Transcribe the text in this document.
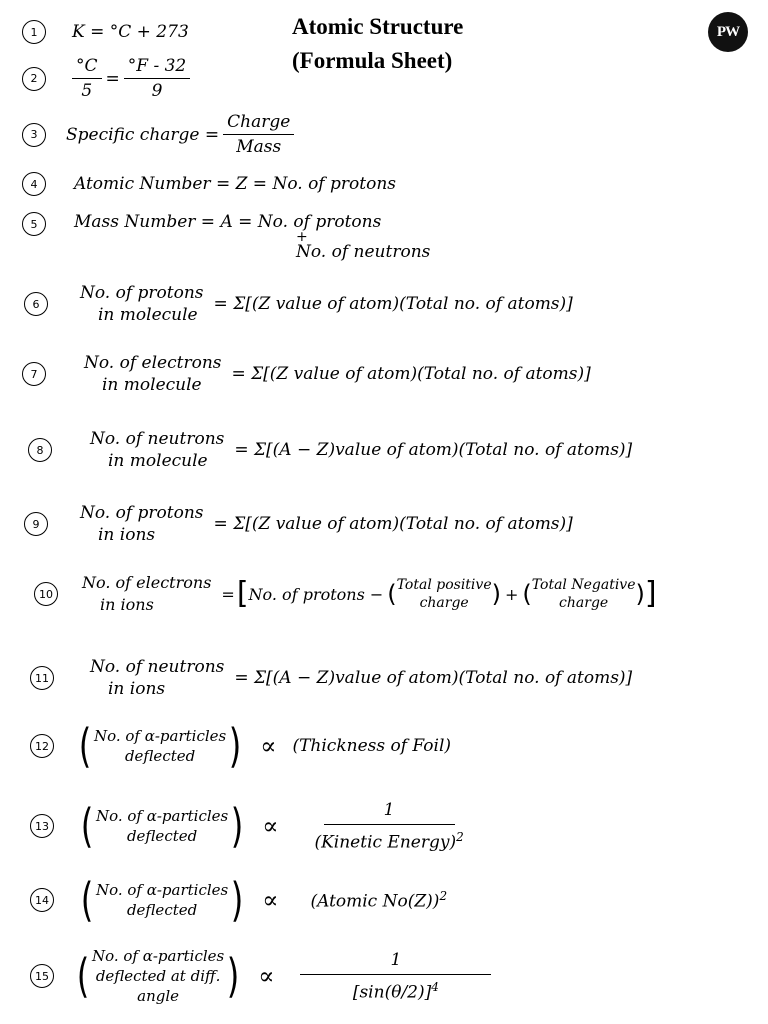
Atomic Structure
(Formula Sheet)
PW
1	K = °C + 273
2	$\frac{^\circ C}{5} = \frac{^\circ F - 32}{9}$
3	Specific charge = $\frac{\text{Charge}}{\text{Mass}}$
4	Atomic Number = Z = No. of protons
5	Mass Number = A = No. of protons
+
No. of neutrons
6
No. of protons
in molecule
= Σ[(Z value of atom)(Total no. of atoms)]
7
No. of electrons
in molecule
= Σ[(Z value of atom)(Total no. of atoms)]
8
No. of neutrons
in molecule
= Σ[(A − Z)value of atom)(Total no. of atoms)]
9
No. of protons
in ions
= Σ[(Z value of atom)(Total no. of atoms)]
10
No. of electrons
in ions
= [ No. of protons − ( Total positive
charge ) + ( Total Negative
charge ) ]
11
No. of neutrons
in ions
= Σ[(A − Z)value of atom)(Total no. of atoms)]
12 ( No. of α-particles
deflected ) ∝ (Thickness of Foil)
13 ( No. of α-particles
deflected ) ∝ $\frac{1}{(Kinetic Energy)^2}$
14 ( No. of α-particles
deflected ) ∝ (Atomic No(Z))$^2$
15 ( No. of α-particles
deflected at diff.
angle ) ∝ $\frac{1}{[\sin(\theta/2)]^4}$
